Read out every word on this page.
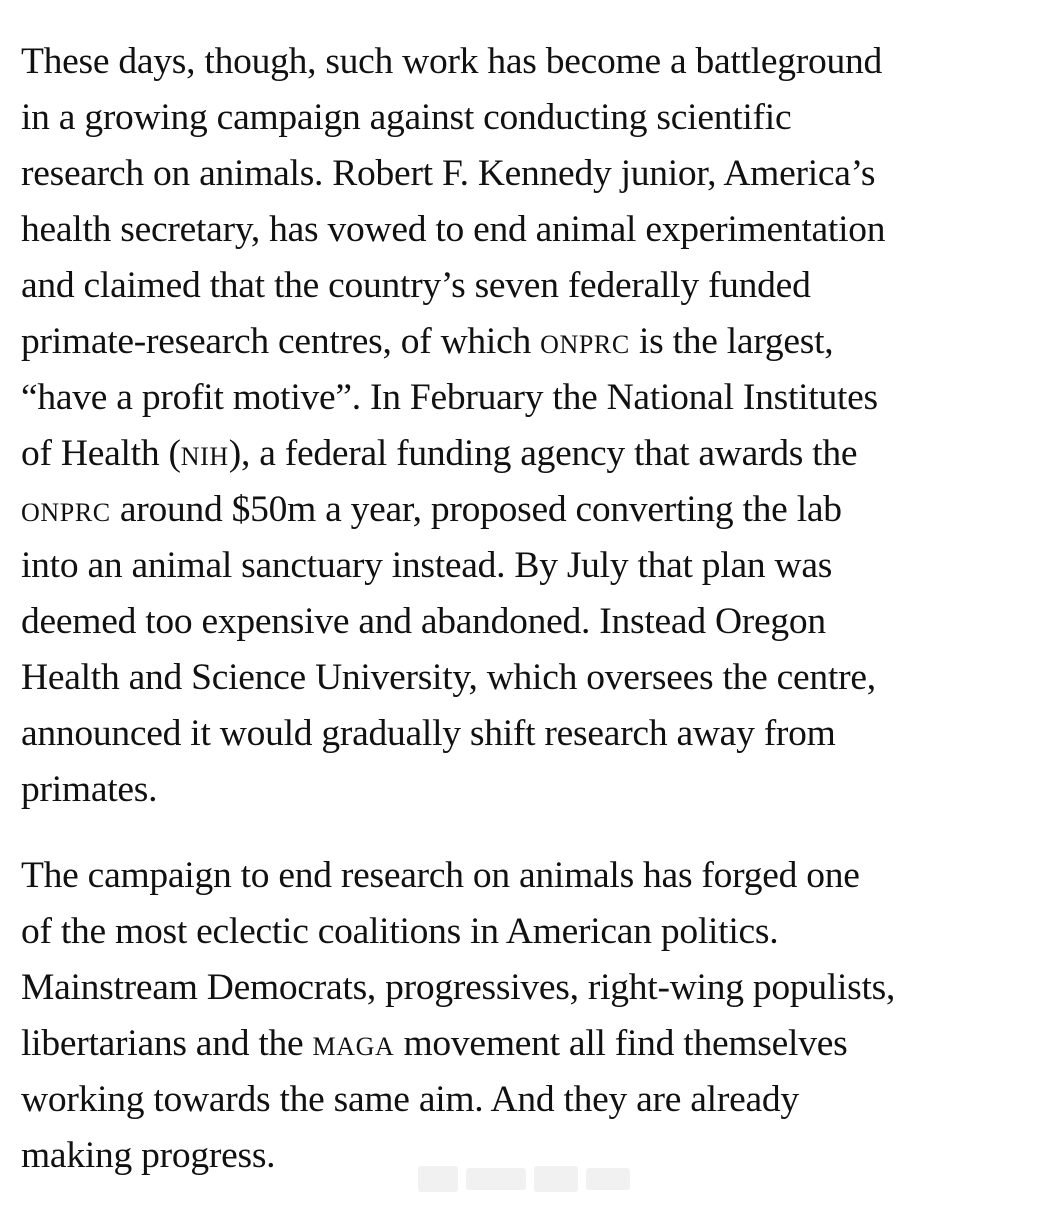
These days, though, such work has become a battleground
in a growing campaign against conducting scientific
research on animals. Robert F. Kennedy junior, America’s
health secretary, has vowed to end animal experimentation
and claimed that the country’s seven federally funded
primate-research centres, of which onprc is the largest,
“have a profit motive”. In February the National Institutes
of Health (nih), a federal funding agency that awards the
onprc around $50m a year, proposed converting the lab
into an animal sanctuary instead. By July that plan was
deemed too expensive and abandoned. Instead Oregon
Health and Science University, which oversees the centre,
announced it would gradually shift research away from
primates.

The campaign to end research on animals has forged one
of the most eclectic coalitions in American politics.
Mainstream Democrats, progressives, right-wing populists,
libertarians and the maga movement all find themselves
working towards the same aim. And they are already
making progress.
